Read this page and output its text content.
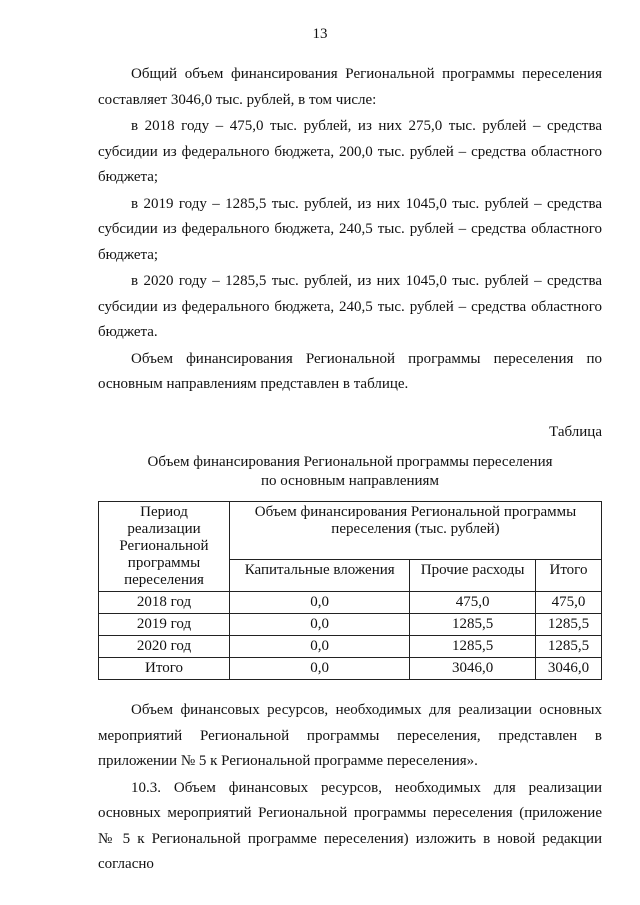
13

Общий объем финансирования Региональной программы переселения составляет 3046,0 тыс. рублей, в том числе:

в 2018 году – 475,0 тыс. рублей, из них 275,0 тыс. рублей – средства субсидии из федерального бюджета, 200,0 тыс. рублей – средства областного бюджета;

в 2019 году – 1285,5 тыс. рублей, из них 1045,0 тыс. рублей – средства субсидии из федерального бюджета, 240,5 тыс. рублей – средства областного бюджета;

в 2020 году – 1285,5 тыс. рублей, из них 1045,0 тыс. рублей – средства субсидии из федерального бюджета, 240,5 тыс. рублей – средства областного бюджета.

Объем финансирования Региональной программы переселения по основным направлениям представлен в таблице.

Таблица
Объем финансирования Региональной программы переселения
по основным направлениям
Период реализации Региональной программы переселения	Объем финансирования Региональной программы переселения (тыс. рублей)		
	Капитальные вложения	Прочие расходы	Итого
2018 год	0,0	475,0	475,0
2019 год	0,0	1285,5	1285,5
2020 год	0,0	1285,5	1285,5
Итого	0,0	3046,0	3046,0

Объем финансовых ресурсов, необходимых для реализации основных мероприятий Региональной программы переселения, представлен в приложении № 5 к Региональной программе переселения».

10.3. Объем финансовых ресурсов, необходимых для реализации основных мероприятий Региональной программы переселения (приложение № 5 к Региональной программе переселения) изложить в новой редакции согласно
